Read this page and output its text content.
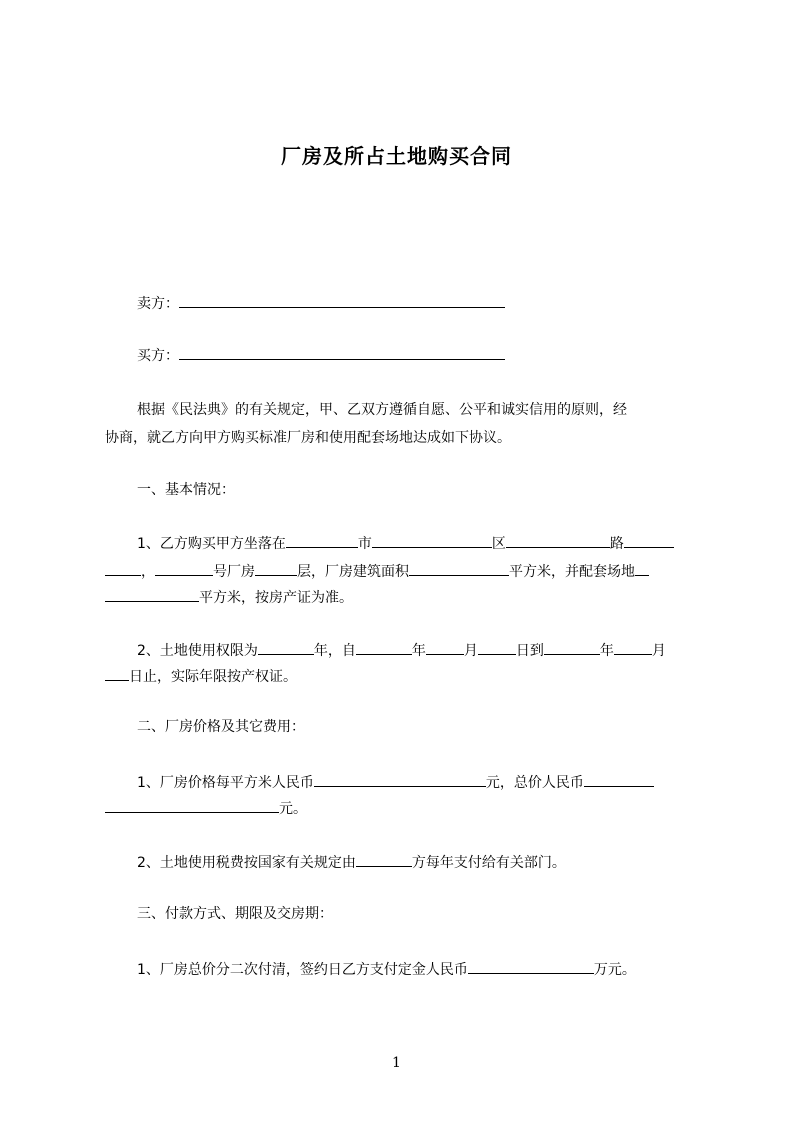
厂房及所占土地购买合同
卖方：
买方：
根据《民法典》的有关规定，甲、乙双方遵循自愿、公平和诚实信用的原则，经
协商，就乙方向甲方购买标准厂房和使用配套场地达成如下协议。
一、基本情况：
1、乙方购买甲方坐落在	市	区	路
，	号厂房	层，厂房建筑面积	平方米，并配套场地
平方米，按房产证为准。
2、土地使用权限为	年，自	年	月	日到	年	月
日止，实际年限按产权证。
二、厂房价格及其它费用：
1、厂房价格每平方米人民币	元，总价人民币
元。
2、土地使用税费按国家有关规定由	方每年支付给有关部门。
三、付款方式、期限及交房期：
1、厂房总价分二次付清，签约日乙方支付定金人民币	万元。
1
